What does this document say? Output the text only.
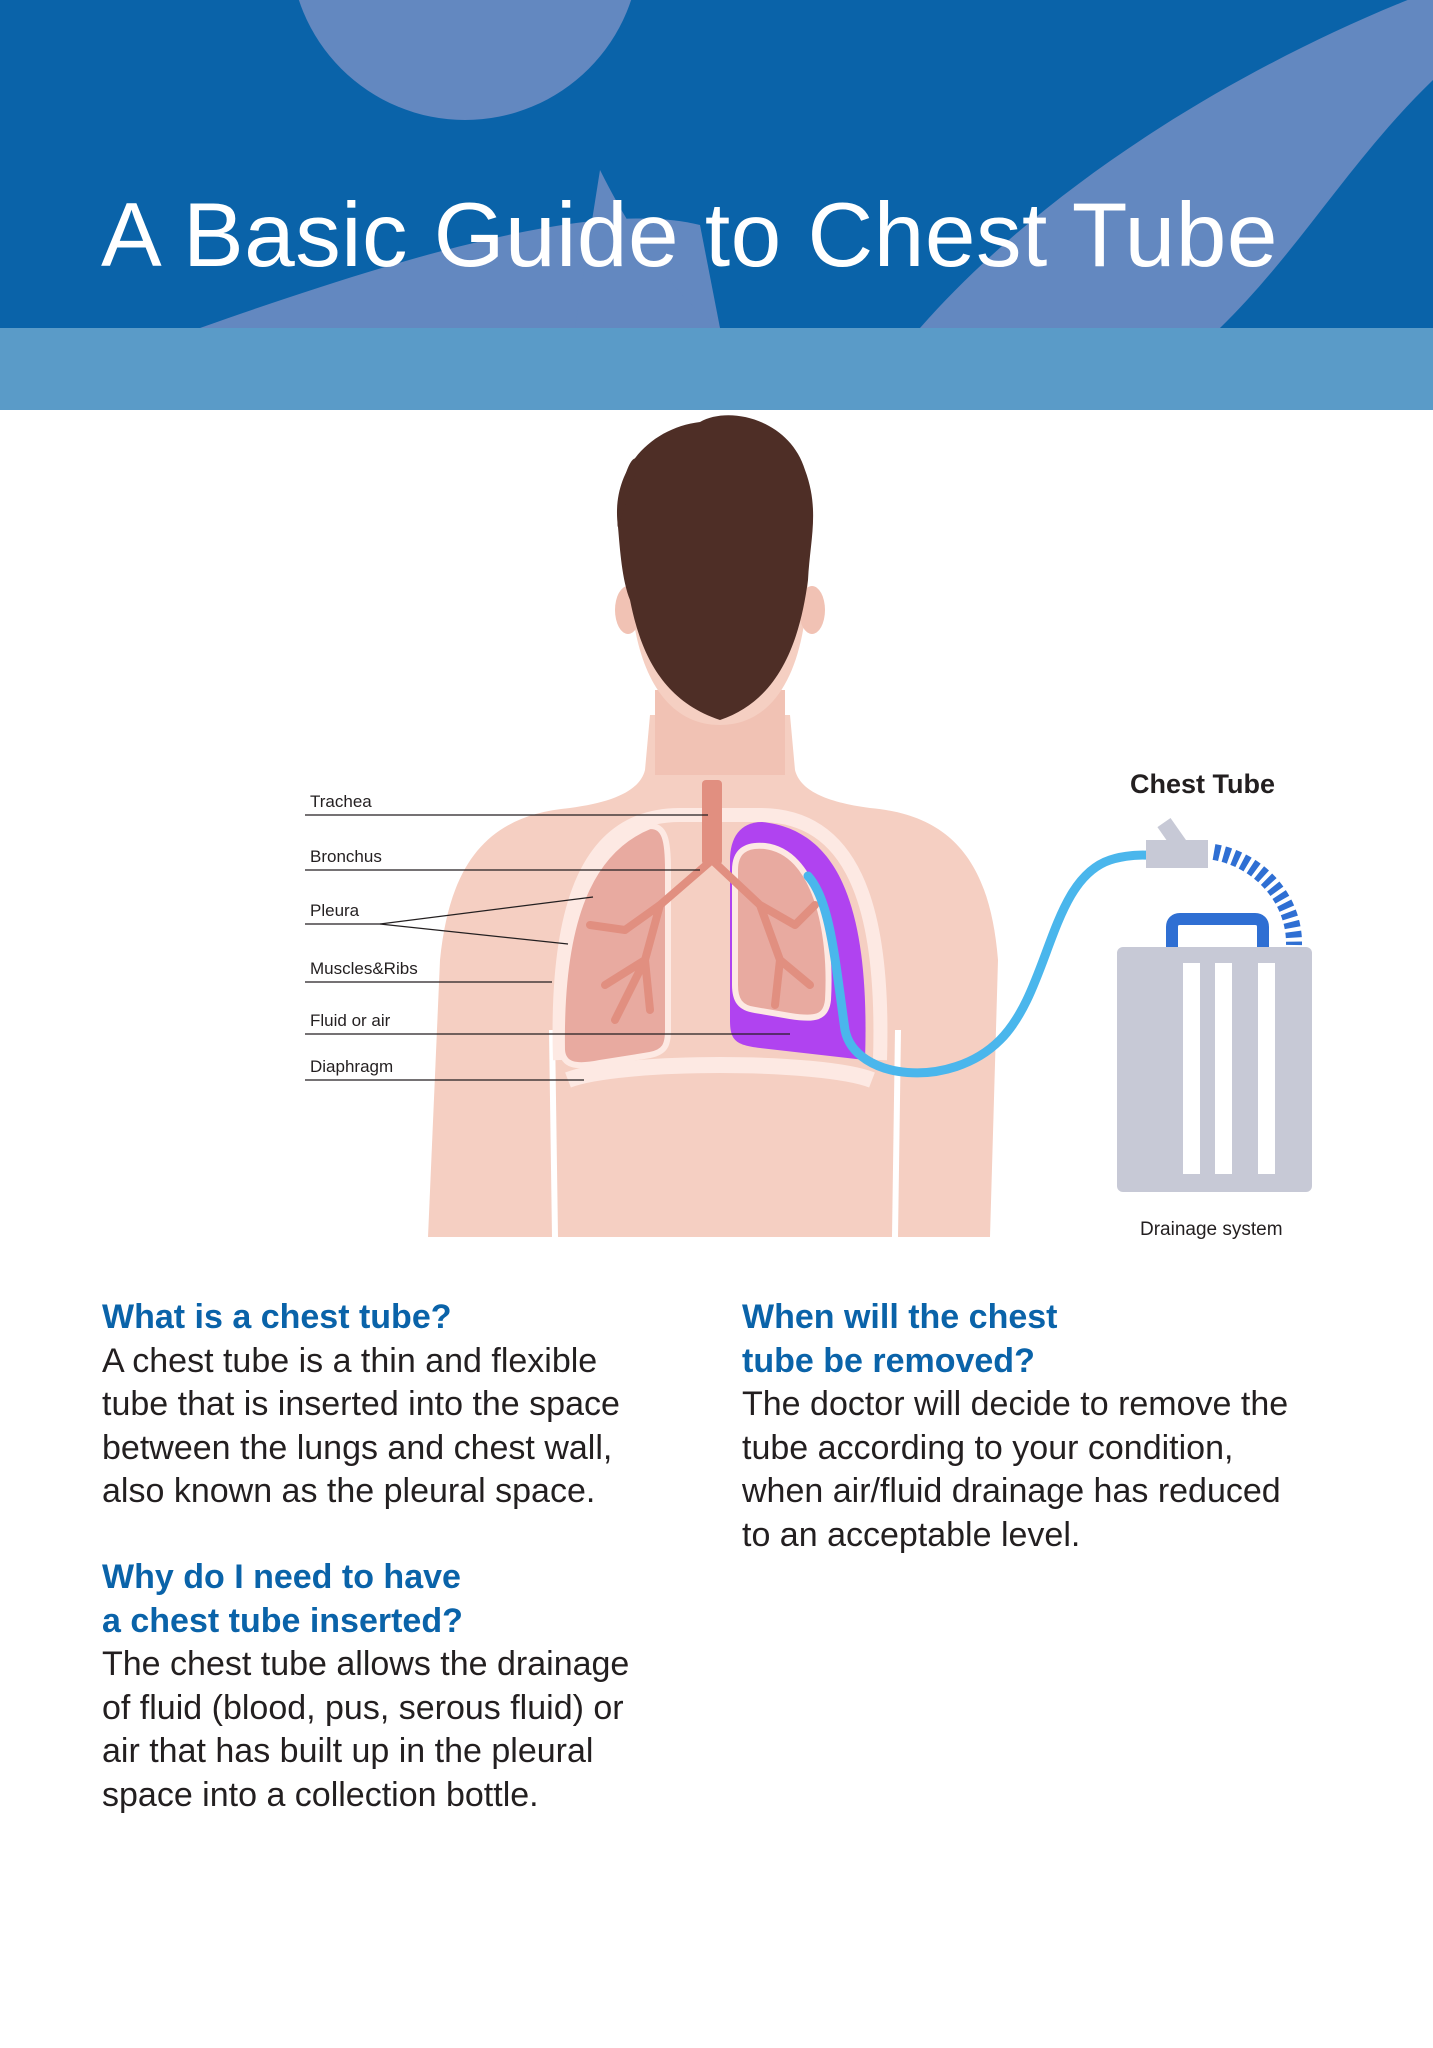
A Basic Guide to Chest Tube
Trachea
Bronchus
Pleura
Muscles&Ribs
Fluid or air
Diaphragm
Chest Tube
Drainage system
What is a chest tube?

A chest tube is a thin and flexible

tube that is inserted into the space

between the lungs and chest wall,

also known as the pleural space.

Why do I need to have
a chest tube inserted?

The chest tube allows the drainage

of fluid (blood, pus, serous fluid) or

air that has built up in the pleural

space into a collection bottle.

When will the chest
tube be removed?

The doctor will decide to remove the

tube according to your condition,

when air/fluid drainage has reduced

to an acceptable level.
